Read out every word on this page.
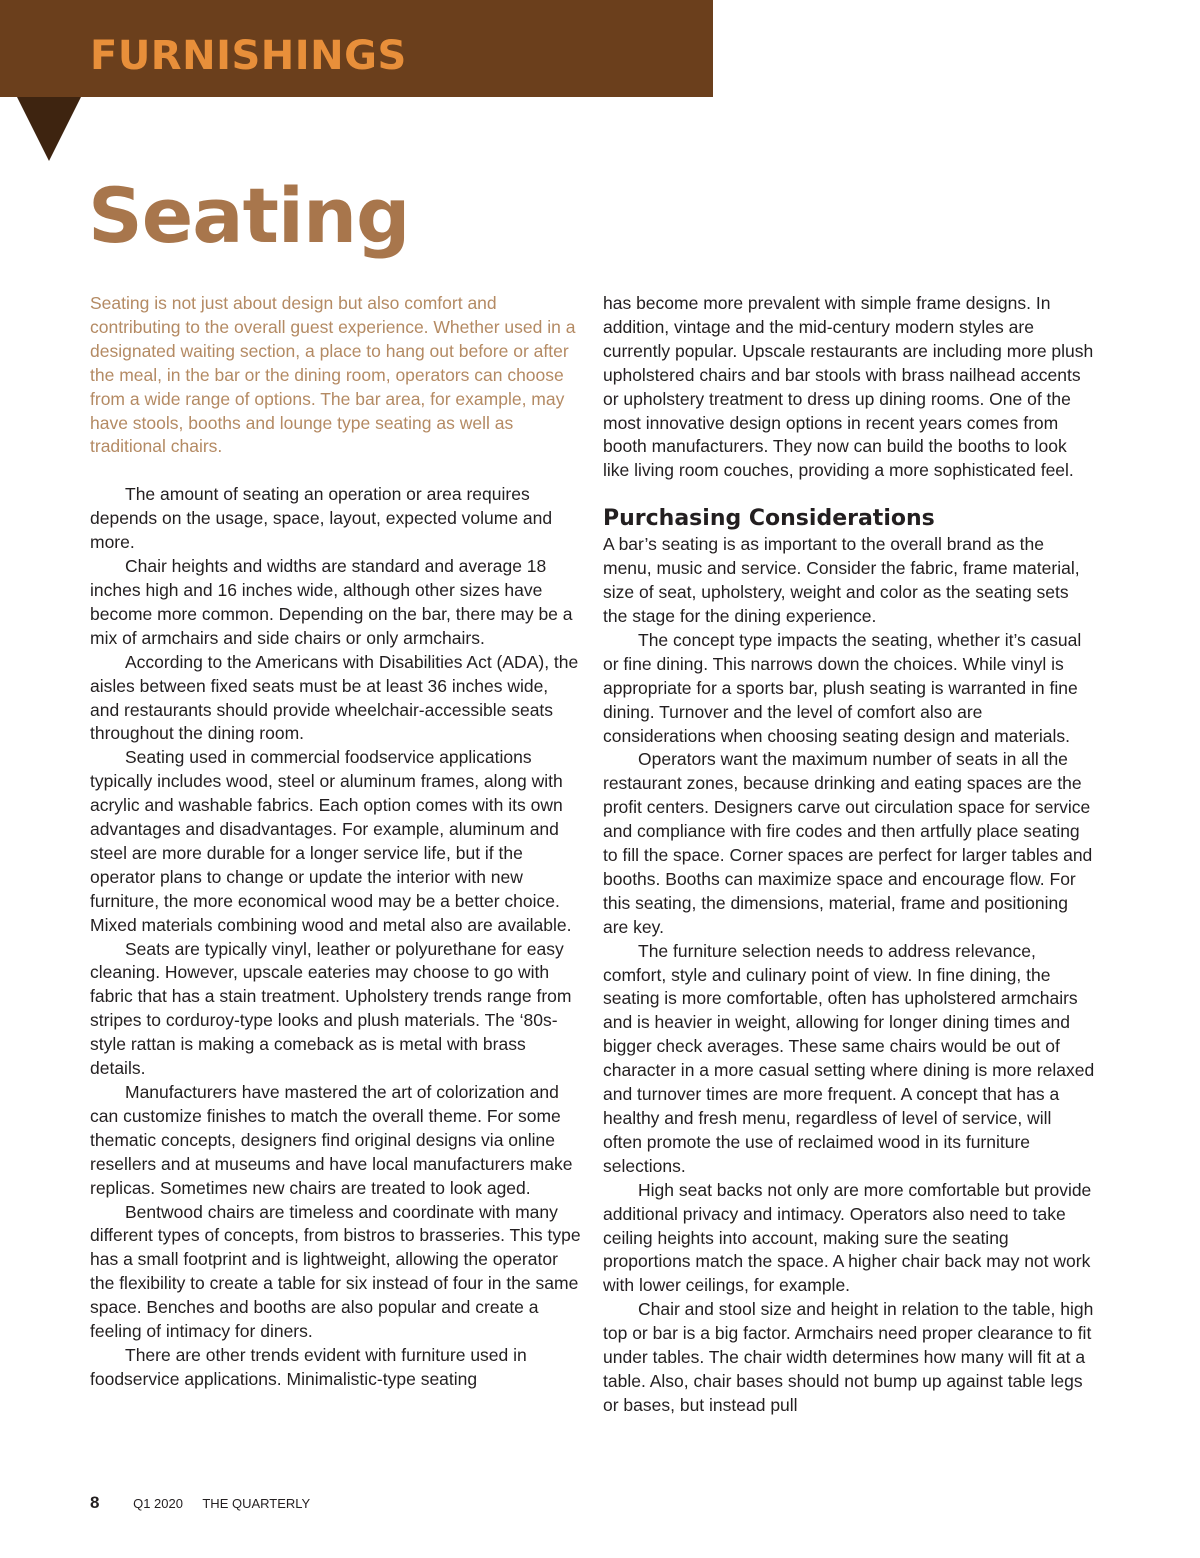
FURNISHINGS
Seating

Seating is not just about design but also comfort and contributing to the overall guest experience. Whether used in a designated waiting section, a place to hang out before or after the meal, in the bar or the dining room, operators can choose from a wide range of options. The bar area, for example, may have stools, booths and lounge type seating as well as traditional chairs.

The amount of seating an operation or area requires depends on the usage, space, layout, expected volume and more.

Chair heights and widths are standard and average 18 inches high and 16 inches wide, although other sizes have become more common. Depending on the bar, there may be a mix of armchairs and side chairs or only armchairs.

According to the Americans with Disabilities Act (ADA), the aisles between fixed seats must be at least 36 inches wide, and restaurants should provide wheelchair-accessible seats throughout the dining room.

Seating used in commercial foodservice applications typically includes wood, steel or aluminum frames, along with acrylic and washable fabrics. Each option comes with its own advantages and disadvantages. For example, aluminum and steel are more durable for a longer service life, but if the operator plans to change or update the interior with new furniture, the more economical wood may be a better choice. Mixed materials combining wood and metal also are available.

Seats are typically vinyl, leather or polyurethane for easy cleaning. However, upscale eateries may choose to go with fabric that has a stain treatment. Upholstery trends range from stripes to corduroy-type looks and plush materials. The ‘80s-style rattan is making a comeback as is metal with brass details.

Manufacturers have mastered the art of colorization and can customize finishes to match the overall theme. For some thematic concepts, designers find original designs via online resellers and at museums and have local manufacturers make replicas. Sometimes new chairs are treated to look aged.

Bentwood chairs are timeless and coordinate with many different types of concepts, from bistros to brasseries. This type has a small footprint and is lightweight, allowing the operator the flexibility to create a table for six instead of four in the same space. Benches and booths are also popular and create a feeling of intimacy for diners.

There are other trends evident with furniture used in foodservice applications. Minimalistic-type seating

has become more prevalent with simple frame designs. In addition, vintage and the mid-century modern styles are currently popular. Upscale restaurants are including more plush upholstered chairs and bar stools with brass nailhead accents or upholstery treatment to dress up dining rooms. One of the most innovative design options in recent years comes from booth manufacturers. They now can build the booths to look like living room couches, providing a more sophisticated feel.

Purchasing Considerations

A bar’s seating is as important to the overall brand as the menu, music and service. Consider the fabric, frame material, size of seat, upholstery, weight and color as the seating sets the stage for the dining experience.

The concept type impacts the seating, whether it’s casual or fine dining. This narrows down the choices. While vinyl is appropriate for a sports bar, plush seating is warranted in fine dining. Turnover and the level of comfort also are considerations when choosing seating design and materials.

Operators want the maximum number of seats in all the restaurant zones, because drinking and eating spaces are the profit centers. Designers carve out circulation space for service and compliance with fire codes and then artfully place seating to fill the space. Corner spaces are perfect for larger tables and booths. Booths can maximize space and encourage flow. For this seating, the dimensions, material, frame and positioning are key.

The furniture selection needs to address relevance, comfort, style and culinary point of view. In fine dining, the seating is more comfortable, often has upholstered armchairs and is heavier in weight, allowing for longer dining times and bigger check averages. These same chairs would be out of character in a more casual setting where dining is more relaxed and turnover times are more frequent. A concept that has a healthy and fresh menu, regardless of level of service, will often promote the use of reclaimed wood in its furniture selections.

High seat backs not only are more comfortable but provide additional privacy and intimacy. Operators also need to take ceiling heights into account, making sure the seating proportions match the space. A higher chair back may not work with lower ceilings, for example.

Chair and stool size and height in relation to the table, high top or bar is a big factor. Armchairs need proper clearance to fit under tables. The chair width determines how many will fit at a table. Also, chair bases should not bump up against table legs or bases, but instead pull

8	Q1 2020 THE QUARTERLY
